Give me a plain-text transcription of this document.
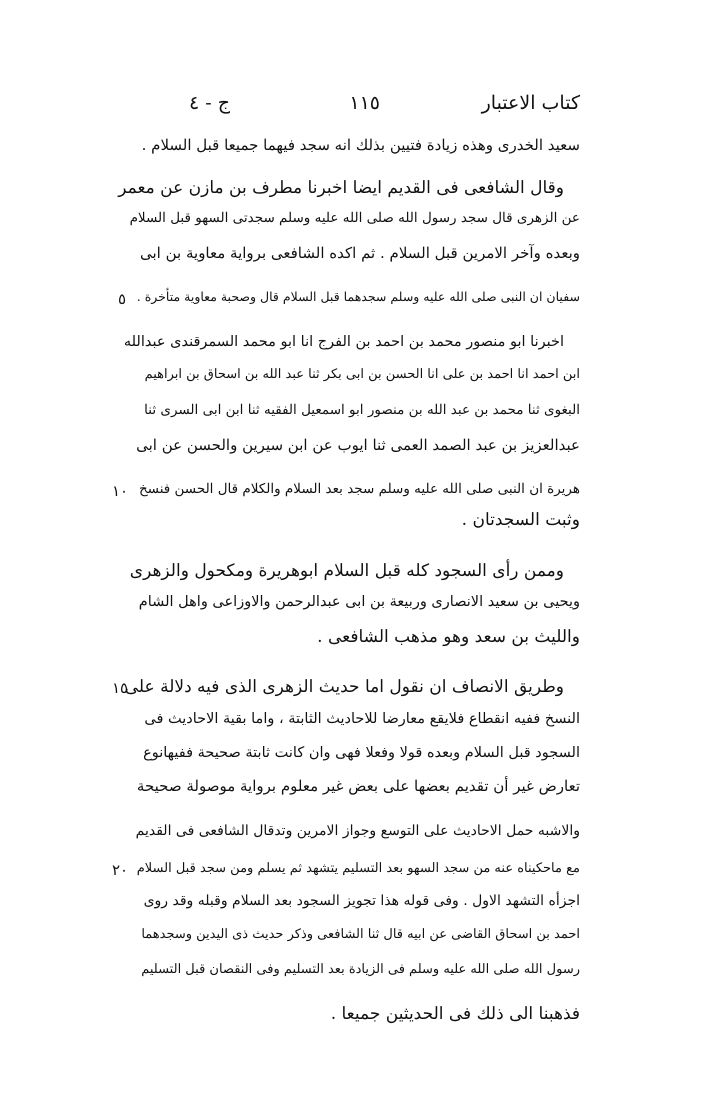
كتاب الاعتبار
١١٥
ج - ٤
سعيد الخدرى وهذه زيادة فتيين بذلك انه سجد فيهما جميعا قبل السلام .
وقال الشافعى فى القديم ايضا اخبرنا مطرف بن مازن عن معمر
عن الزهرى قال سجد رسول الله صلى الله عليه وسلم سجدتى السهو قبل السلام
وبعده وآخر الامرين قبل السلام . ثم اكده الشافعى برواية معاوية بن ابى
سفيان ان النبى صلى الله عليه وسلم سجدهما قبل السلام قال وصحبة معاوية متأخرة .
٥
اخبرنا ابو منصور محمد بن احمد بن الفرج انا ابو محمد السمرقندى عبدالله
ابن احمد انا احمد بن على انا الحسن بن ابى بكر ثنا عبد الله بن اسحاق بن ابراهيم
البغوى ثنا محمد بن عبد الله بن منصور ابو اسمعيل الفقيه ثنا ابن ابى السرى ثنا
عبدالعزيز بن عبد الصمد العمى ثنا ايوب عن ابن سيرين والحسن عن ابى
هريرة ان النبى صلى الله عليه وسلم سجد بعد السلام والكلام قال الحسن فنسخ
١٠
وثبت السجدتان .
وممن رأى السجود كله قبل السلام ابوهريرة ومكحول والزهرى
ويحيى بن سعيد الانصارى وربيعة بن ابى عبدالرحمن والاوزاعى واهل الشام
والليث بن سعد وهو مذهب الشافعى .
وطريق الانصاف ان نقول اما حديث الزهرى الذى فيه دلالة على
١٥
النسخ ففيه انقطاع فلايقع معارضا للاحاديث الثابتة ، واما بقية الاحاديث فى
السجود قبل السلام وبعده قولا وفعلا فهى وان كانت ثابتة صحيحة ففيهانوع
تعارض غير أن تقديم بعضها على بعض غير معلوم برواية موصولة صحيحة
والاشبه حمل الاحاديث على التوسع وجواز الامرين وتدقال الشافعى فى القديم
مع ماحكيناه عنه من سجد السهو بعد التسليم يتشهد ثم يسلم ومن سجد قبل السلام
٢٠
اجزأه التشهد الاول . وفى قوله هذا تجويز السجود بعد السلام وقبله وقد روى
احمد بن اسحاق القاضى عن ابيه قال ثنا الشافعى وذكر حديث ذى اليدين وسجدهما
رسول الله صلى الله عليه وسلم فى الزيادة بعد التسليم وفى النقصان قبل التسليم
فذهبنا الى ذلك فى الحديثين جميعا .
